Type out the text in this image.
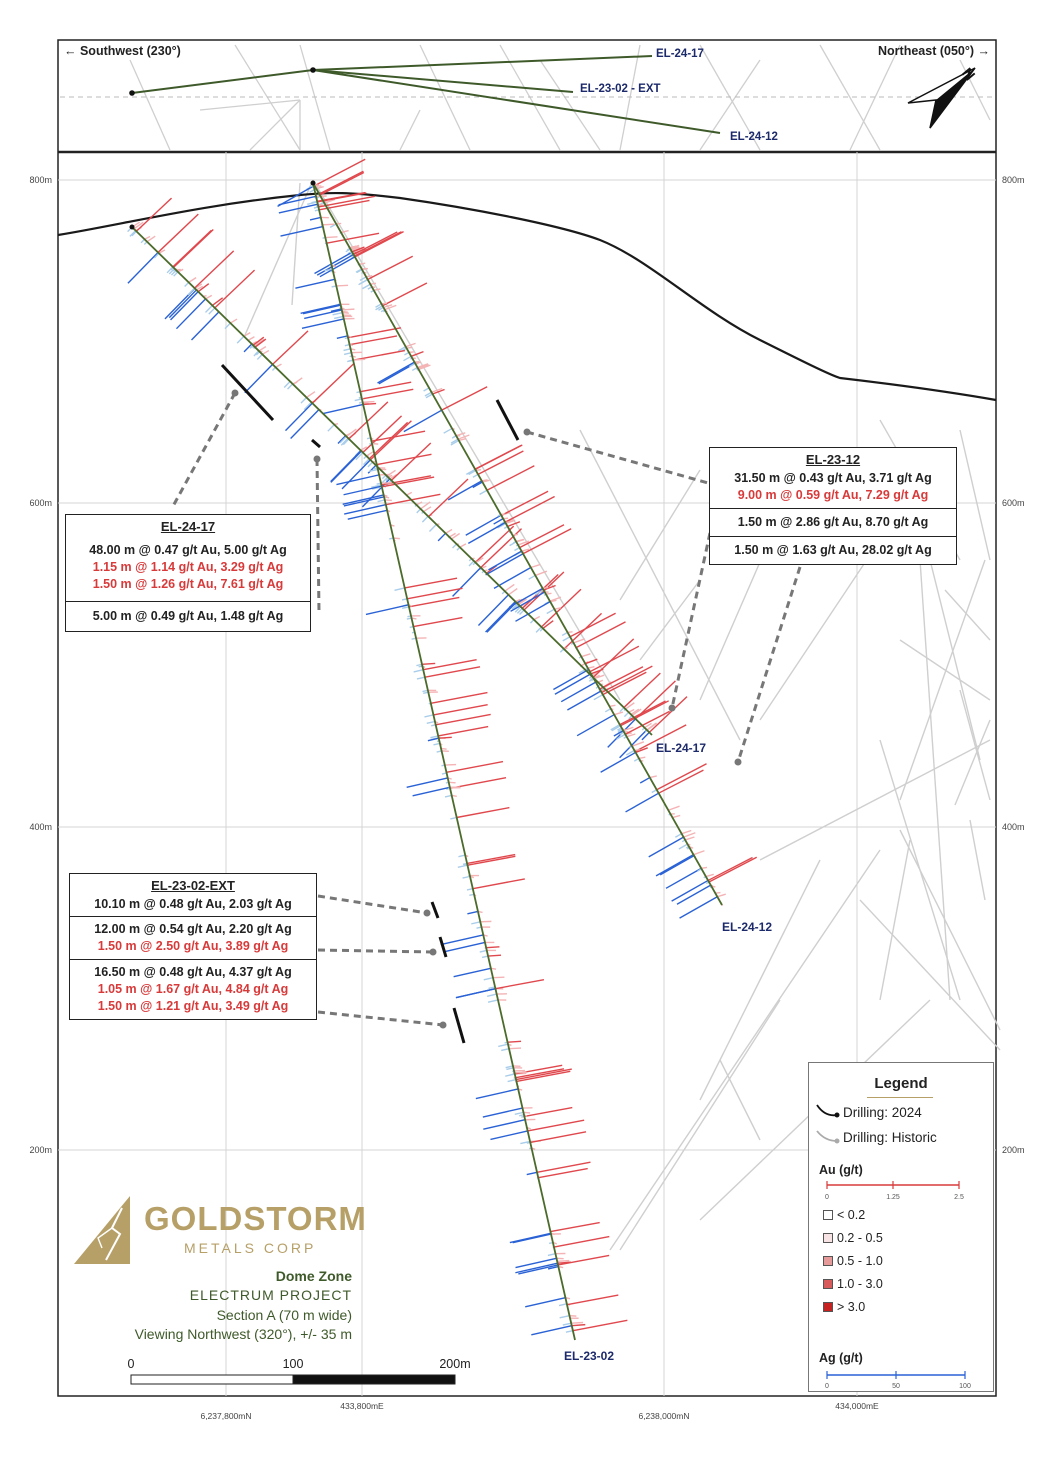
← Southwest (230°)	Northeast (050°) →
EL-24-17
EL-23-02 - EXT
EL-24-12
N
EL-24-17
EL-24-12
EL-23-02
800m
600m
400m
200m
800m
600m
400m
200m
6,237,800mN
433,800mE
6,238,000mN
434,000mE
0	100	200m
EL-24-17
48.00 m @ 0.47 g/t Au, 5.00 g/t Ag
1.15 m @ 1.14 g/t Au, 3.29 g/t Ag
1.50 m @ 1.26 g/t Au, 7.61 g/t Ag
5.00 m @ 0.49 g/t Au, 1.48 g/t Ag
EL-23-12
31.50 m @ 0.43 g/t Au, 3.71 g/t Ag
9.00 m @ 0.59 g/t Au, 7.29 g/t Ag
1.50 m @ 2.86 g/t Au, 8.70 g/t Ag
1.50 m @ 1.63 g/t Au, 28.02 g/t Ag
EL-23-02-EXT
10.10 m @ 0.48 g/t Au, 2.03 g/t Ag
12.00 m @ 0.54 g/t Au, 2.20 g/t Ag
1.50 m @ 2.50 g/t Au, 3.89 g/t Ag
16.50 m @ 0.48 g/t Au, 4.37 g/t Ag
1.05 m @ 1.67 g/t Au, 4.84 g/t Ag
1.50 m @ 1.21 g/t Au, 3.49 g/t Ag
GOLDSTORM
METALS CORP
Dome Zone
ELECTRUM PROJECT
Section A (70 m wide)
Viewing Northwest (320°), +/- 35 m
Legend
Drilling: 2024
Drilling: Historic
Au (g/t)
0	1.25	2.5
< 0.2
0.2 - 0.5
0.5 - 1.0
1.0 - 3.0
> 3.0
Ag (g/t)
0	50	100
